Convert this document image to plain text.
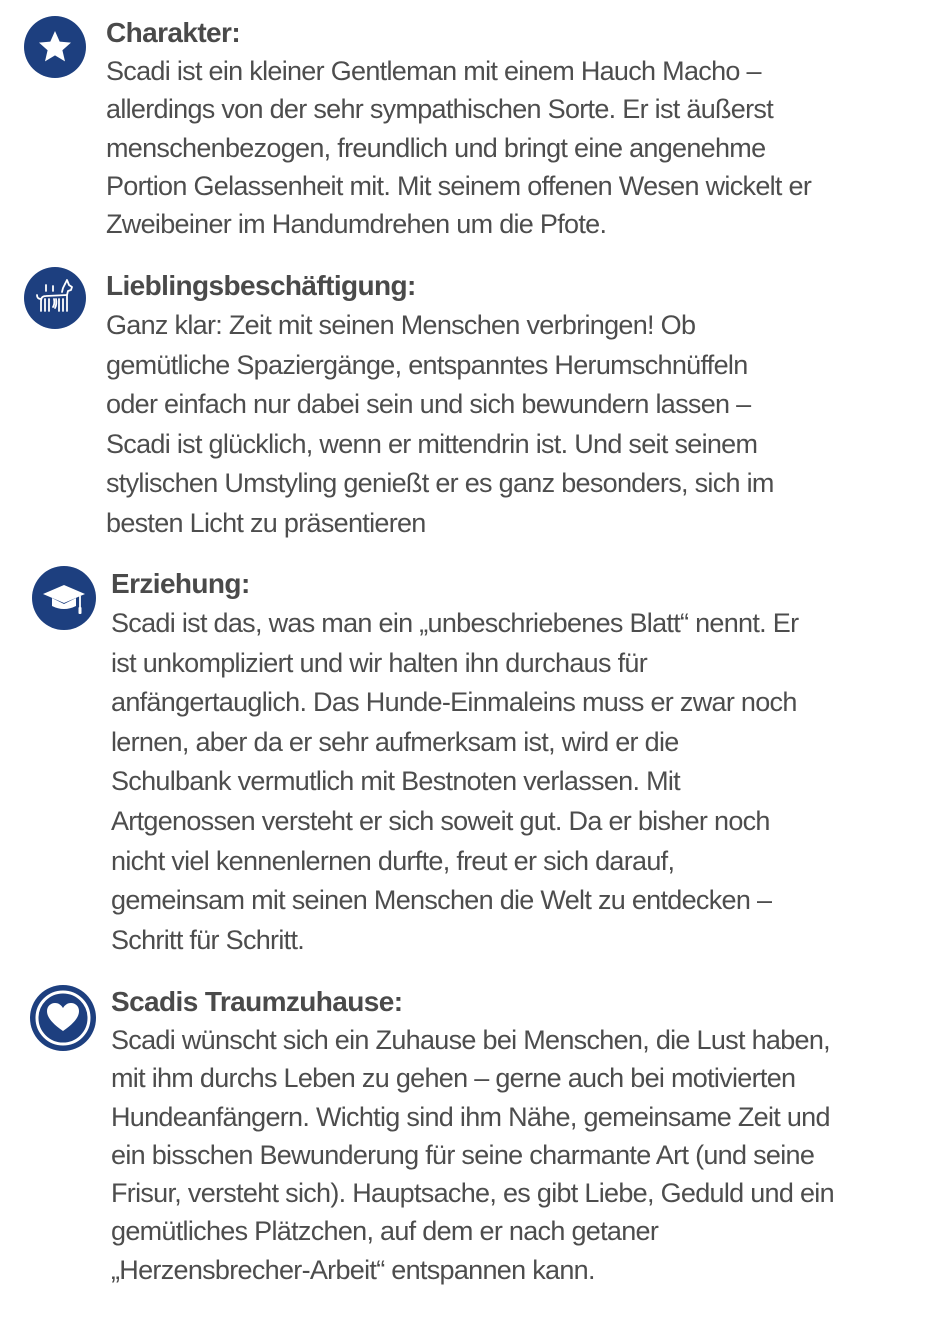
Charakter:

Scadi ist ein kleiner Gentleman mit einem Hauch Macho –

allerdings von der sehr sympathischen Sorte. Er ist äußerst

menschenbezogen, freundlich und bringt eine angenehme

Portion Gelassenheit mit. Mit seinem offenen Wesen wickelt er

Zweibeiner im Handumdrehen um die Pfote.

Lieblingsbeschäftigung:

Ganz klar: Zeit mit seinen Menschen verbringen! Ob

gemütliche Spaziergänge, entspanntes Herumschnüffeln

oder einfach nur dabei sein und sich bewundern lassen –

Scadi ist glücklich, wenn er mittendrin ist. Und seit seinem

stylischen Umstyling genießt er es ganz besonders, sich im

besten Licht zu präsentieren

Erziehung:

Scadi ist das, was man ein „unbeschriebenes Blatt“ nennt. Er

ist unkompliziert und wir halten ihn durchaus für

anfängertauglich. Das Hunde-Einmaleins muss er zwar noch

lernen, aber da er sehr aufmerksam ist, wird er die

Schulbank vermutlich mit Bestnoten verlassen. Mit

Artgenossen versteht er sich soweit gut. Da er bisher noch

nicht viel kennenlernen durfte, freut er sich darauf,

gemeinsam mit seinen Menschen die Welt zu entdecken –

Schritt für Schritt.

Scadis Traumzuhause:

Scadi wünscht sich ein Zuhause bei Menschen, die Lust haben,

mit ihm durchs Leben zu gehen – gerne auch bei motivierten

Hundeanfängern. Wichtig sind ihm Nähe, gemeinsame Zeit und

ein bisschen Bewunderung für seine charmante Art (und seine

Frisur, versteht sich). Hauptsache, es gibt Liebe, Geduld und ein

gemütliches Plätzchen, auf dem er nach getaner

„Herzensbrecher-Arbeit“ entspannen kann.
